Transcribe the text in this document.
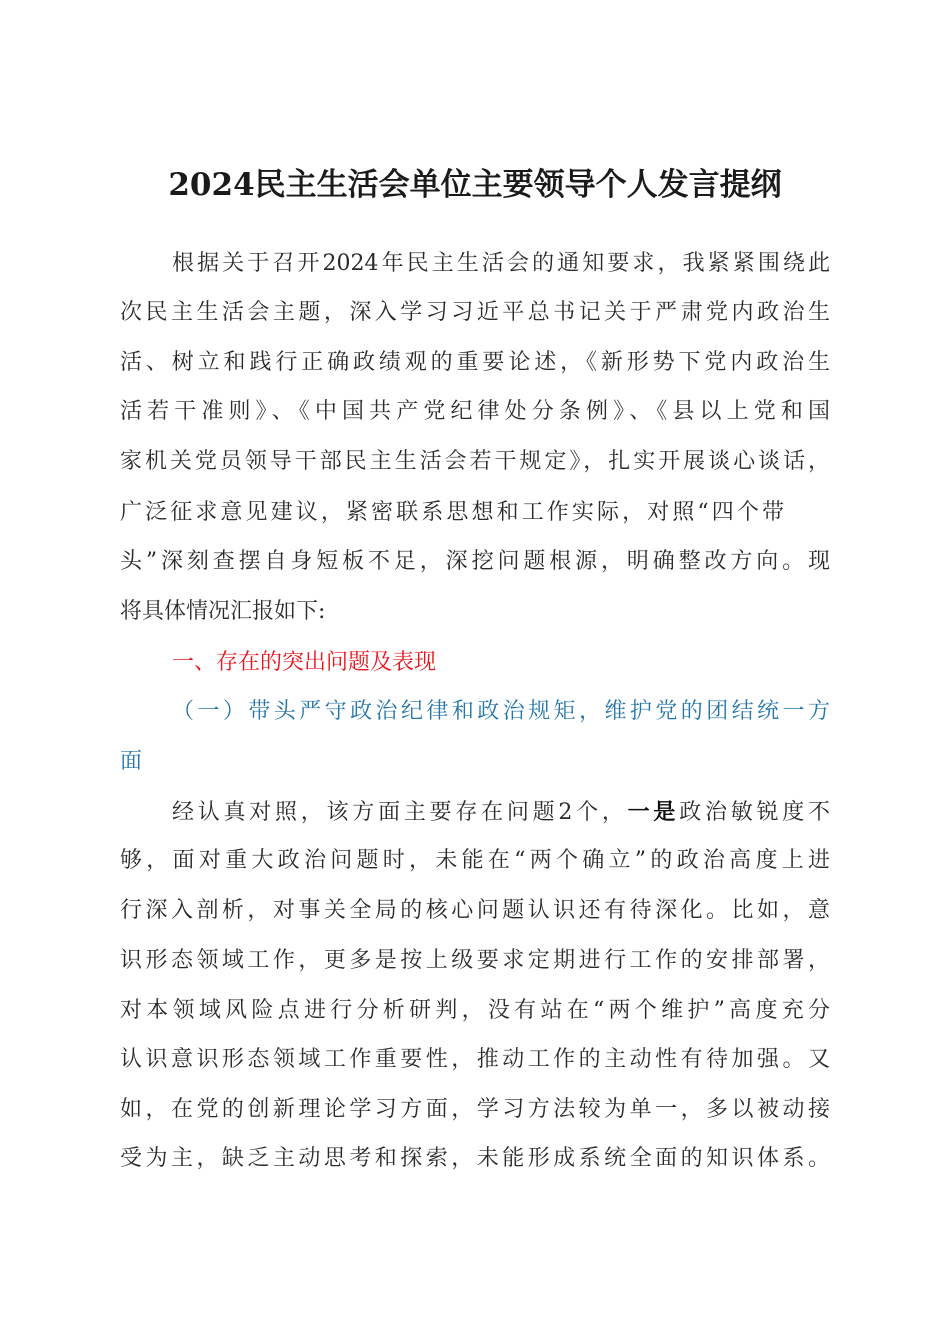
2024民主生活会单位主要领导个人发言提纲

根据关于召开2024年民主生活会的通知要求，我紧紧围绕此

次民主生活会主题，深入学习习近平总书记关于严肃党内政治生

活、树立和践行正确政绩观的重要论述，《新形势下党内政治生

活若干准则》、《中国共产党纪律处分条例》、《县以上党和国

家机关党员领导干部民主生活会若干规定》，扎实开展谈心谈话，

广泛征求意见建议，紧密联系思想和工作实际，对照“四个带

头”深刻查摆自身短板不足，深挖问题根源，明确整改方向。现

将具体情况汇报如下:

一、存在的突出问题及表现

（一）带头严守政治纪律和政治规矩，维护党的团结统一方

面

经认真对照，该方面主要存在问题2个，一是政治敏锐度不

够，面对重大政治问题时，未能在“两个确立”的政治高度上进

行深入剖析，对事关全局的核心问题认识还有待深化。比如，意

识形态领域工作，更多是按上级要求定期进行工作的安排部署，

对本领域风险点进行分析研判，没有站在“两个维护”高度充分

认识意识形态领域工作重要性，推动工作的主动性有待加强。又

如，在党的创新理论学习方面，学习方法较为单一，多以被动接

受为主，缺乏主动思考和探索，未能形成系统全面的知识体系。
